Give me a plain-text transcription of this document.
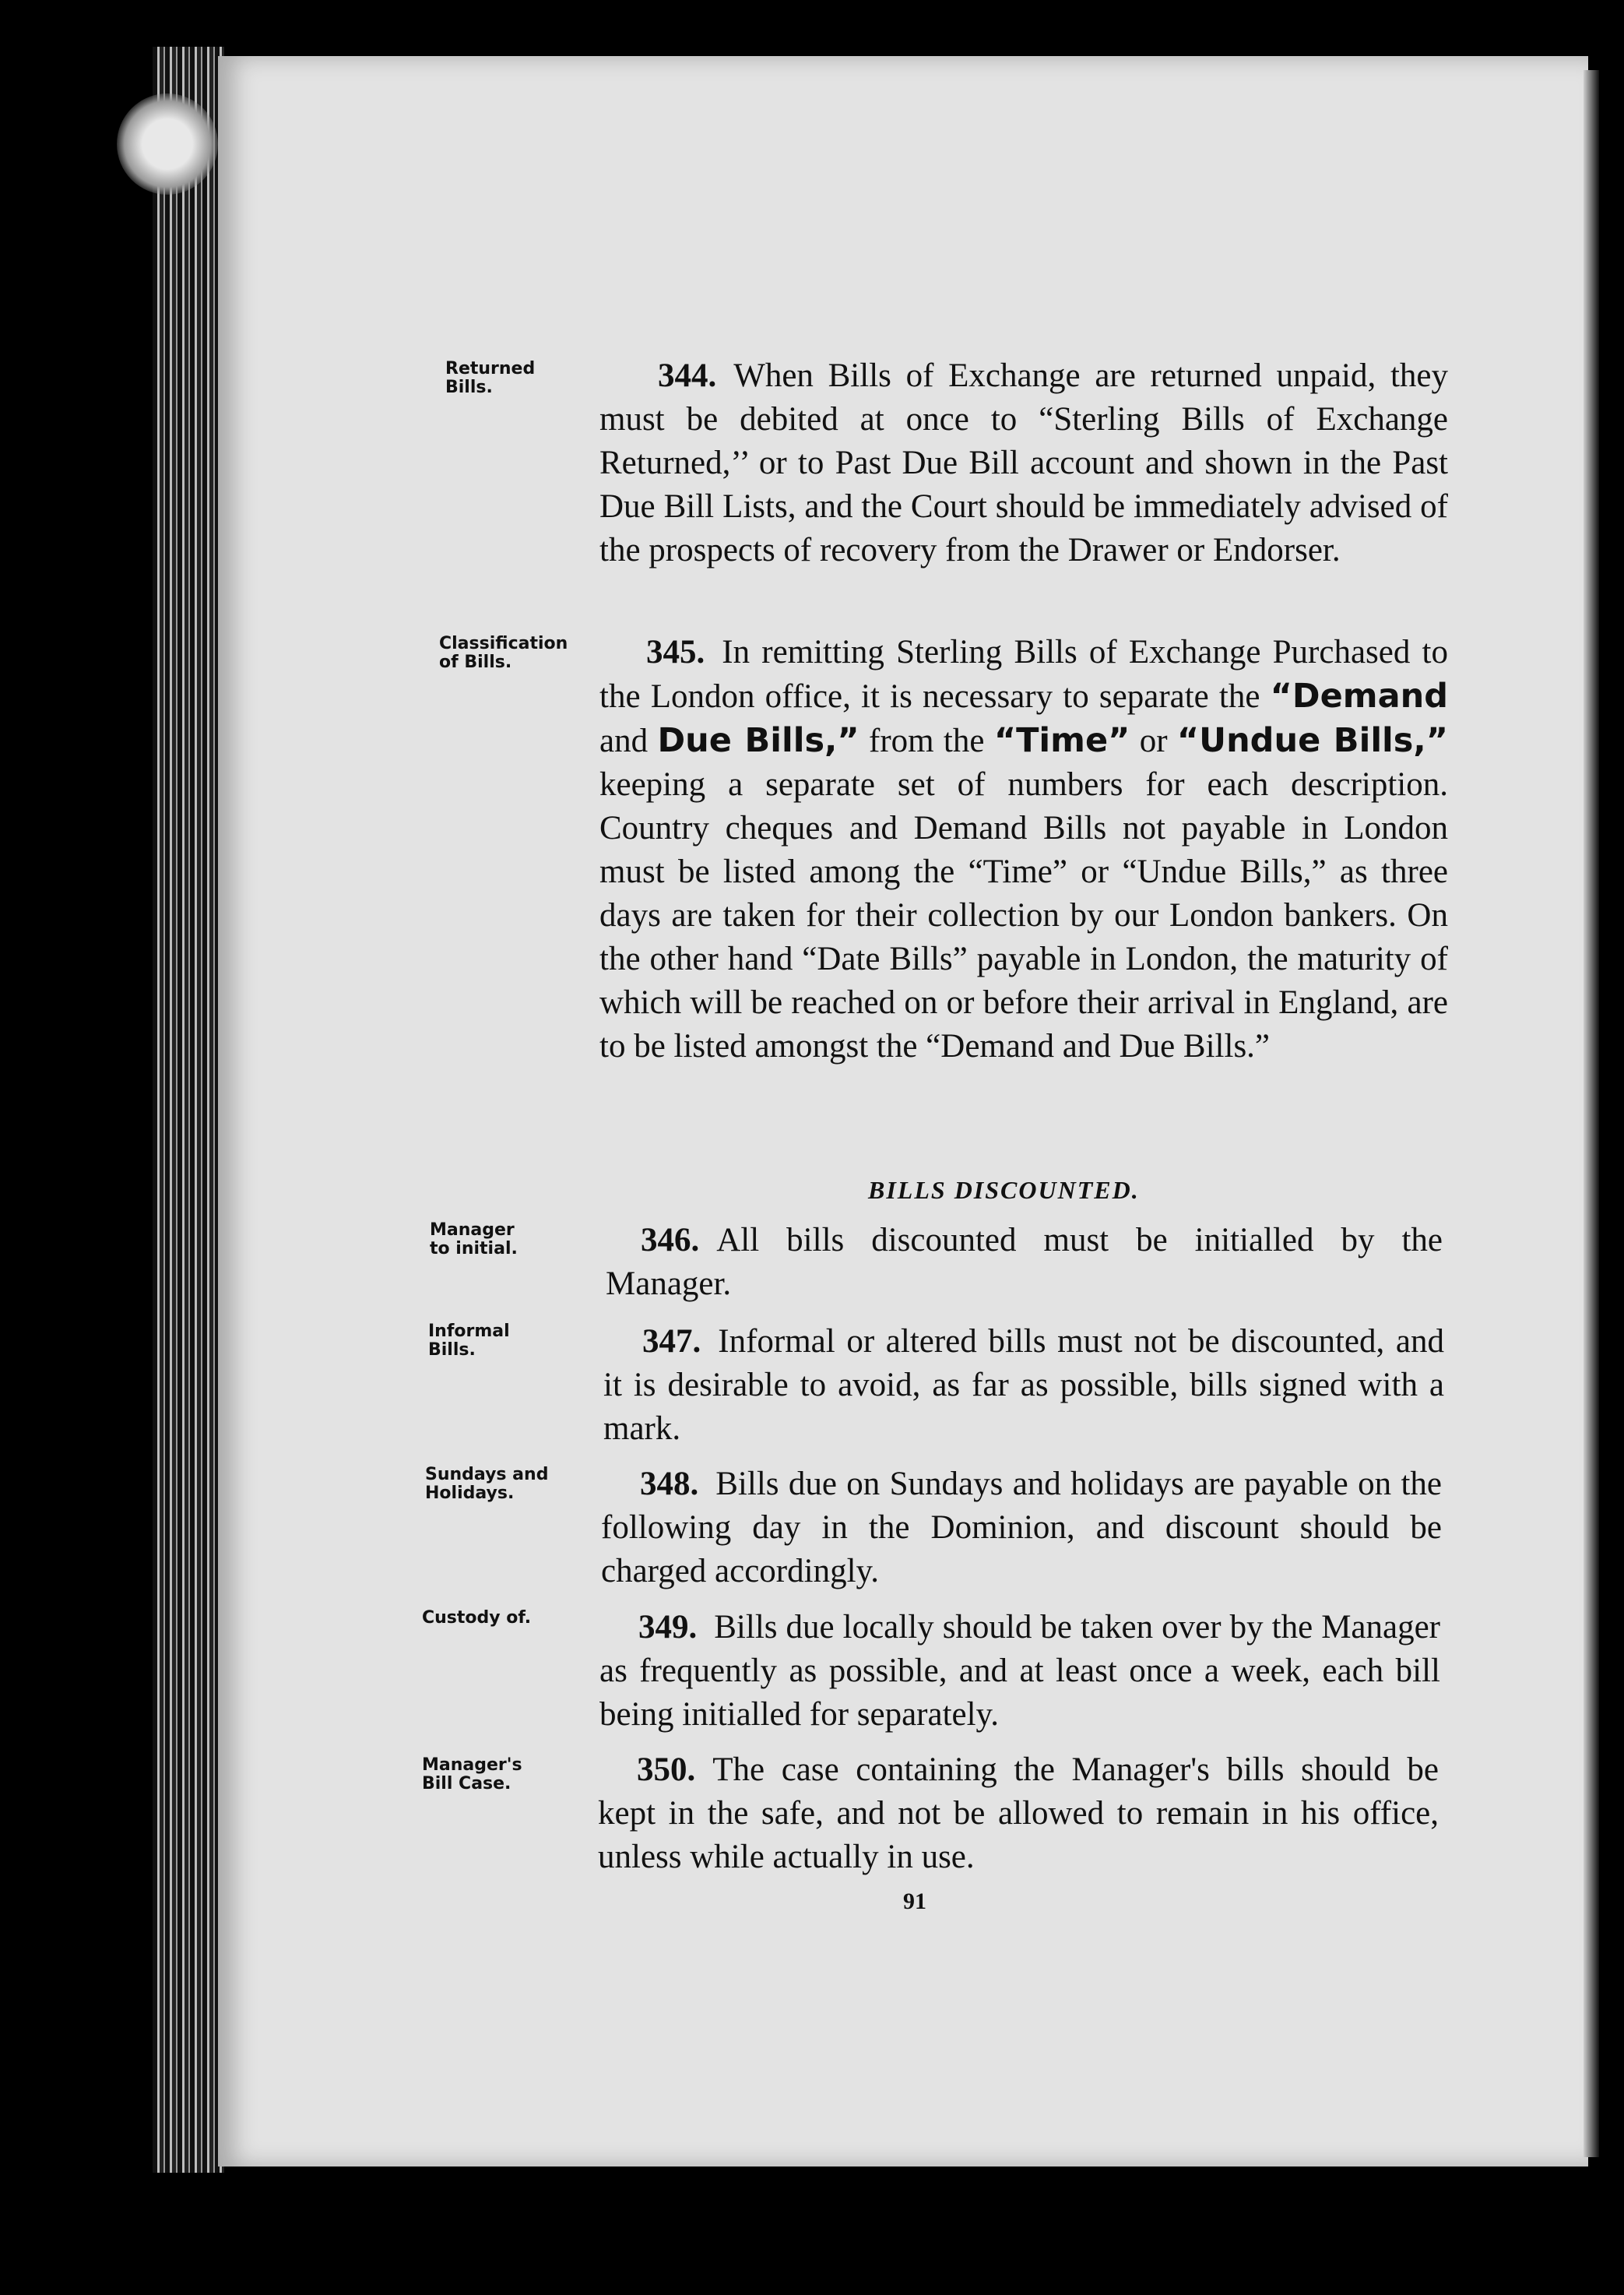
Returned
Bills.	344. When Bills of Exchange are returned unpaid, they must be debited at once to “Sterling Bills of Exchange Returned,’’ or to Past Due Bill account and shown in the Past Due Bill Lists, and the Court should be immediately advised of the prospects of recovery from the Drawer or Endorser.
Classification
of Bills.	345. In remitting Sterling Bills of Exchange Purchased to the London office, it is necessary to separate the “Demand and Due Bills,” from the “Time” or “Undue Bills,” keeping a separate set of numbers for each description. Country cheques and Demand Bills not payable in London must be listed among the “Time” or “Undue Bills,” as three days are taken for their collection by our London bankers. On the other hand “Date Bills” payable in London, the maturity of which will be reached on or before their arrival in England, are to be listed amongst the “Demand and Due Bills.”
BILLS DISCOUNTED.
Manager
to initial.	346. All bills discounted must be initialled by the Manager.
Informal
Bills.	347. Informal or altered bills must not be discounted, and it is desirable to avoid, as far as possible, bills signed with a mark.
Sundays and
Holidays.	348. Bills due on Sundays and holidays are payable on the following day in the Dominion, and discount should be charged accordingly.
Custody of.	349. Bills due locally should be taken over by the Manager as frequently as possible, and at least once a week, each bill being initialled for separately.
Manager's
Bill Case.	350. The case containing the Manager's bills should be kept in the safe, and not be allowed to remain in his office, unless while actually in use.
91
